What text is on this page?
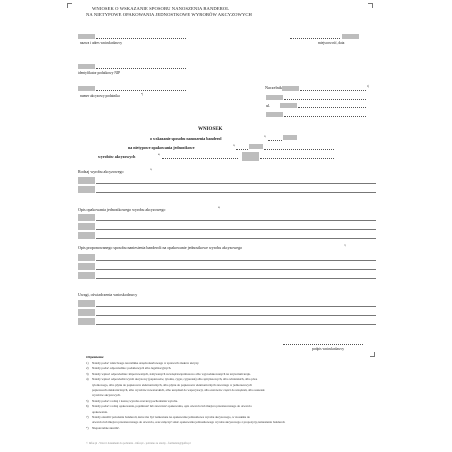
WNIOSEK O WSKAZANIE SPOSOBU NANOSZENIA BANDEROL
NA NIETYPOWE OPAKOWANIA JEDNOSTKOWE WYROBÓW AKCYZOWYCH
nazwa i adres wnioskodawcy	miejscowość, data
identyfikator podatkowy NIP
Naczelnik	1)
numer akcyzowy podatnika	*)
ul.
WNIOSEK
o wskazanie sposobu nanoszenia banderol	2)
na nietypowe opakowania jednostkowe	3)
wyrobów akcyzowych	4)
Rodzaj wyrobu akcyzowego	5)
Opis opakowania jednostkowego wyrobu akcyzowego	6)
Opis proponowanego sposobu naniesienia banderoli na opakowanie jednostkowe wyrobu akcyzowego	7)
Uwagi, oświadczenia wnioskodawcy
podpis wnioskodawcy
Objaśnienia:
1) Należy podać właściwego naczelnika urzędu skarbowego w sprawach znaków akcyzy.
2) Należy podać odpowiednio: podatkowych albo legalizacyjnych.
3) Należy wpisać odpowiednio: importowanych, nabywanych wewnątrzwspólnotowo albo wyprodukowanych na terytorium kraju.
4) Należy wpisać odpowiedni wyrób akcyzowy (papierosów, tytoniu, cygar, cygaretek) albo spirytusowych, albo winiarskich, albo piwa
tytoniowego, albo płynu do papierosów elektronicznych, albo płynu do papierosów elektronicznych zawartego w jednorazowych
papierosach elektronicznych, albo wyrobów nowatorskich, albo urządzeń do waporyzacji, albo zestawów części do urządzeń, albo saszetek
wyrobów akcyzowych.
5) Należy podać: rodzaj i nazwę wyrobu oraz kraj pochodzenia wyrobu.
6) Należy podać: rodzaj opakowania, pojemność lub zawartość opakowania, opis otwarcia lub miejsca przeznaczonego do otwarcia
opakowania.
7) Należy określić położenie banderoli, które ma być naniesione na opakowanie jednostkowe wyrobu akcyzowego, w stosunku do
otwarcia lub miejsca przeznaczonego do otwarcia, oraz załączyć szkic opakowania jednostkowego wyrobu akcyzowego z propozycją naniesienia banderoli.
*) Niepotrzebne skreślić.
© Infor.pl - Wzór i dokument do pobrania - infor.pl - pobrano ze strony - formularz@gofin.pl
